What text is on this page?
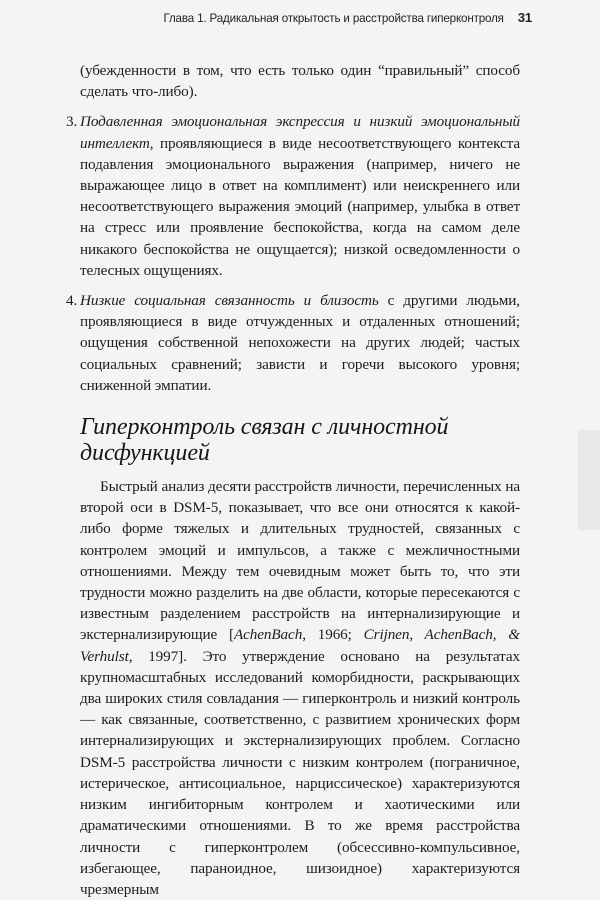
Глава 1. Радикальная открытость и расстройства гиперконтроля 31

(убежденности в том, что есть только один “правильный” способ сделать что-либо).

3. Подавленная эмоциональная экспрессия и низкий эмоциональный интеллект, проявляющиеся в виде несоответствующего контекста подавления эмоционального выражения (например, ничего не выражающее лицо в ответ на комплимент) или неискреннего или несоответствующего выражения эмоций (например, улыбка в ответ на стресс или проявление беспокойства, когда на самом деле никакого беспокойства не ощущается); низкой осведомленности о телесных ощущениях.

4. Низкие социальная связанность и близость с другими людьми, проявляющиеся в виде отчужденных и отдаленных отношений; ощущения собственной непохожести на других людей; частых социальных сравнений; зависти и горечи высокого уровня; сниженной эмпатии.

Гиперконтроль связан с личностной дисфункцией

Быстрый анализ десяти расстройств личности, перечисленных на второй оси в DSM-5, показывает, что все они относятся к какой-либо форме тяжелых и длительных трудностей, связанных с контролем эмоций и импульсов, а также с межличностными отношениями. Между тем очевидным может быть то, что эти трудности можно разделить на две области, которые пересекаются с известным разделением расстройств на интернализирующие и экстернализирующие [AchenBach, 1966; Crijnen, AchenBach, & Verhulst, 1997]. Это утверждение основано на результатах крупномасштабных исследований коморбидности, раскрывающих два широких стиля совладания — гиперконтроль и низкий контроль — как связанные, соответственно, с развитием хронических форм интернализирующих и экстернализирующих проблем. Согласно DSM-5 расстройства личности с низким контролем (пограничное, истерическое, антисоциальное, нарциссическое) характеризуются низким ингибиторным контролем и хаотическими или драматическими отношениями. В то же время расстройства личности с гиперконтролем (обсессивно-компульсивное, избегающее, параноидное, шизоидное) характеризуются чрезмерным
